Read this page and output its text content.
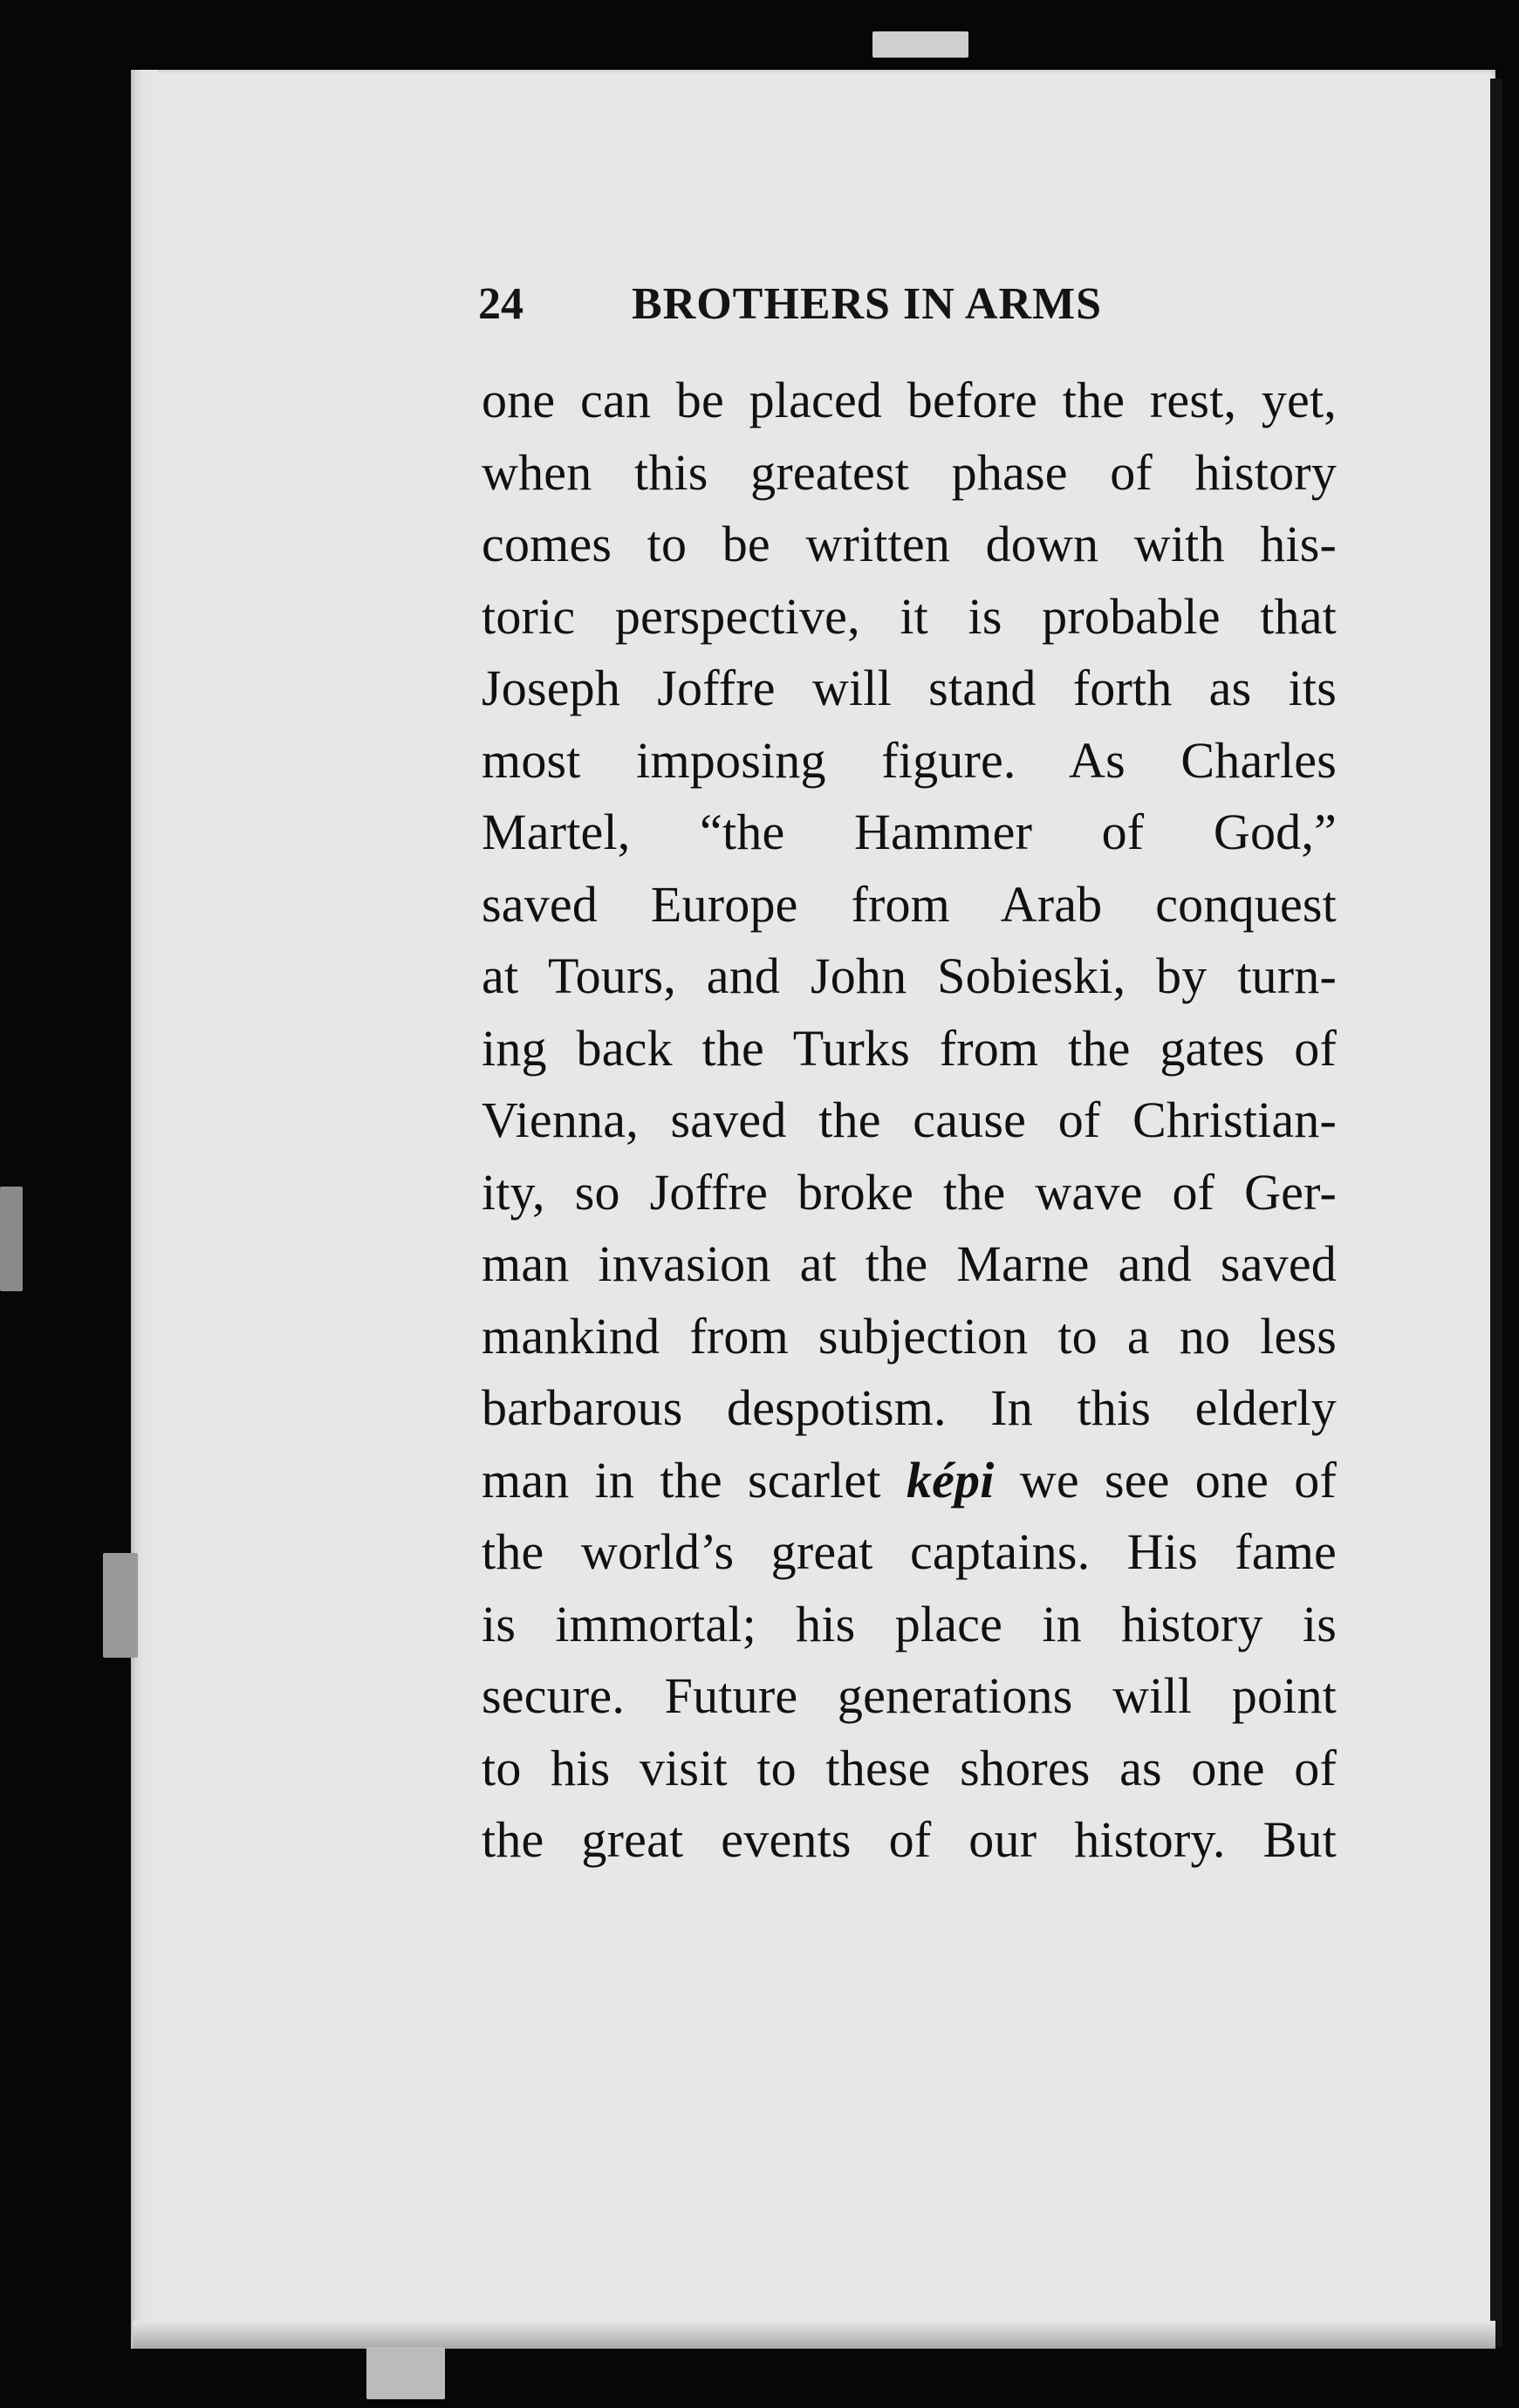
24 BROTHERS IN ARMS
one can be placed before the rest, yet,
when this greatest phase of history
comes to be written down with his-
toric perspective, it is probable that
Joseph Joffre will stand forth as its
most imposing figure. As Charles
Martel, “the Hammer of God,”
saved Europe from Arab conquest
at Tours, and John Sobieski, by turn-
ing back the Turks from the gates of
Vienna, saved the cause of Christian-
ity, so Joffre broke the wave of Ger-
man invasion at the Marne and saved
mankind from subjection to a no less
barbarous despotism. In this elderly
man in the scarlet képi we see one of
the world’s great captains. His fame
is immortal; his place in history is
secure. Future generations will point
to his visit to these shores as one of
the great events of our history. But
